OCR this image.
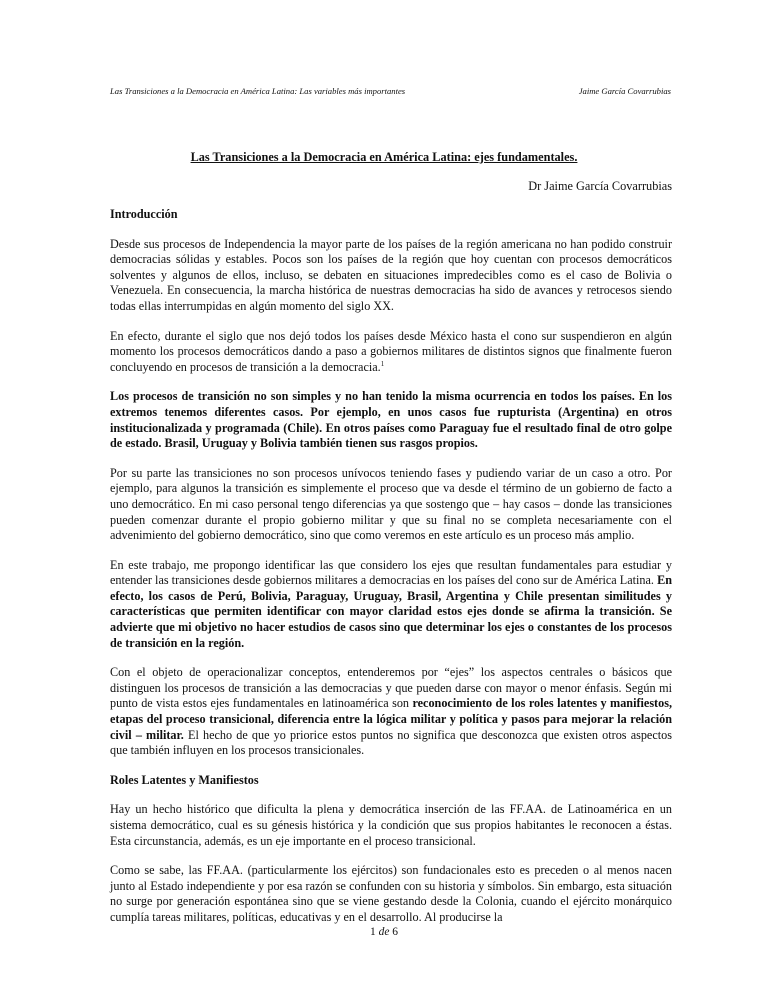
Las Transiciones a la Democracia en América Latina: Las variables más importantes	Jaime García Covarrubias
Las Transiciones a la Democracia en América Latina: ejes fundamentales.
Dr Jaime García Covarrubias
Introducción

Desde sus procesos de Independencia la mayor parte de los países de la región americana no han podido construir democracias sólidas y estables. Pocos son los países de la región que hoy cuentan con procesos democráticos solventes y algunos de ellos, incluso, se debaten en situaciones impredecibles como es el caso de Bolivia o Venezuela. En consecuencia, la marcha histórica de nuestras democracias ha sido de avances y retrocesos siendo todas ellas interrumpidas en algún momento del siglo XX.

En efecto, durante el siglo que nos dejó todos los países desde México hasta el cono sur suspendieron en algún momento los procesos democráticos dando a paso a gobiernos militares de distintos signos que finalmente fueron concluyendo en procesos de transición a la democracia.$^1$

Los procesos de transición no son simples y no han tenido la misma ocurrencia en todos los países. En los extremos tenemos diferentes casos. Por ejemplo, en unos casos fue rupturista (Argentina) en otros institucionalizada y programada (Chile). En otros países como Paraguay fue el resultado final de otro golpe de estado. Brasil, Uruguay y Bolivia también tienen sus rasgos propios.

Por su parte las transiciones no son procesos unívocos teniendo fases y pudiendo variar de un caso a otro. Por ejemplo, para algunos la transición es simplemente el proceso que va desde el término de un gobierno de facto a uno democrático. En mi caso personal tengo diferencias ya que sostengo que – hay casos – donde las transiciones pueden comenzar durante el propio gobierno militar y que su final no se completa necesariamente con el advenimiento del gobierno democrático, sino que como veremos en este artículo es un proceso más amplio.

En este trabajo, me propongo identificar las que considero los ejes que resultan fundamentales para estudiar y entender las transiciones desde gobiernos militares a democracias en los países del cono sur de América Latina. En efecto, los casos de Perú, Bolivia, Paraguay, Uruguay, Brasil, Argentina y Chile presentan similitudes y características que permiten identificar con mayor claridad estos ejes donde se afirma la transición. Se advierte que mi objetivo no hacer estudios de casos sino que determinar los ejes o constantes de los procesos de transición en la región.

Con el objeto de operacionalizar conceptos, entenderemos por “ejes” los aspectos centrales o básicos que distinguen los procesos de transición a las democracias y que pueden darse con mayor o menor énfasis. Según mi punto de vista estos ejes fundamentales en latinoamérica son reconocimiento de los roles latentes y manifiestos, etapas del proceso transicional, diferencia entre la lógica militar y política y pasos para mejorar la relación civil – militar. El hecho de que yo priorice estos puntos no significa que desconozca que existen otros aspectos que también influyen en los procesos transicionales.

Roles Latentes y Manifiestos

Hay un hecho histórico que dificulta la plena y democrática inserción de las FF.AA. de Latinoamérica en un sistema democrático, cual es su génesis histórica y la condición que sus propios habitantes le reconocen a éstas. Esta circunstancia, además, es un eje importante en el proceso transicional.

Como se sabe, las FF.AA. (particularmente los ejércitos) son fundacionales esto es preceden o al menos nacen junto al Estado independiente y por esa razón se confunden con su historia y símbolos. Sin embargo, esta situación no surge por generación espontánea sino que se viene gestando desde la Colonia, cuando el ejército monárquico cumplía tareas militares, políticas, educativas y en el desarrollo. Al producirse la

1 de 6
